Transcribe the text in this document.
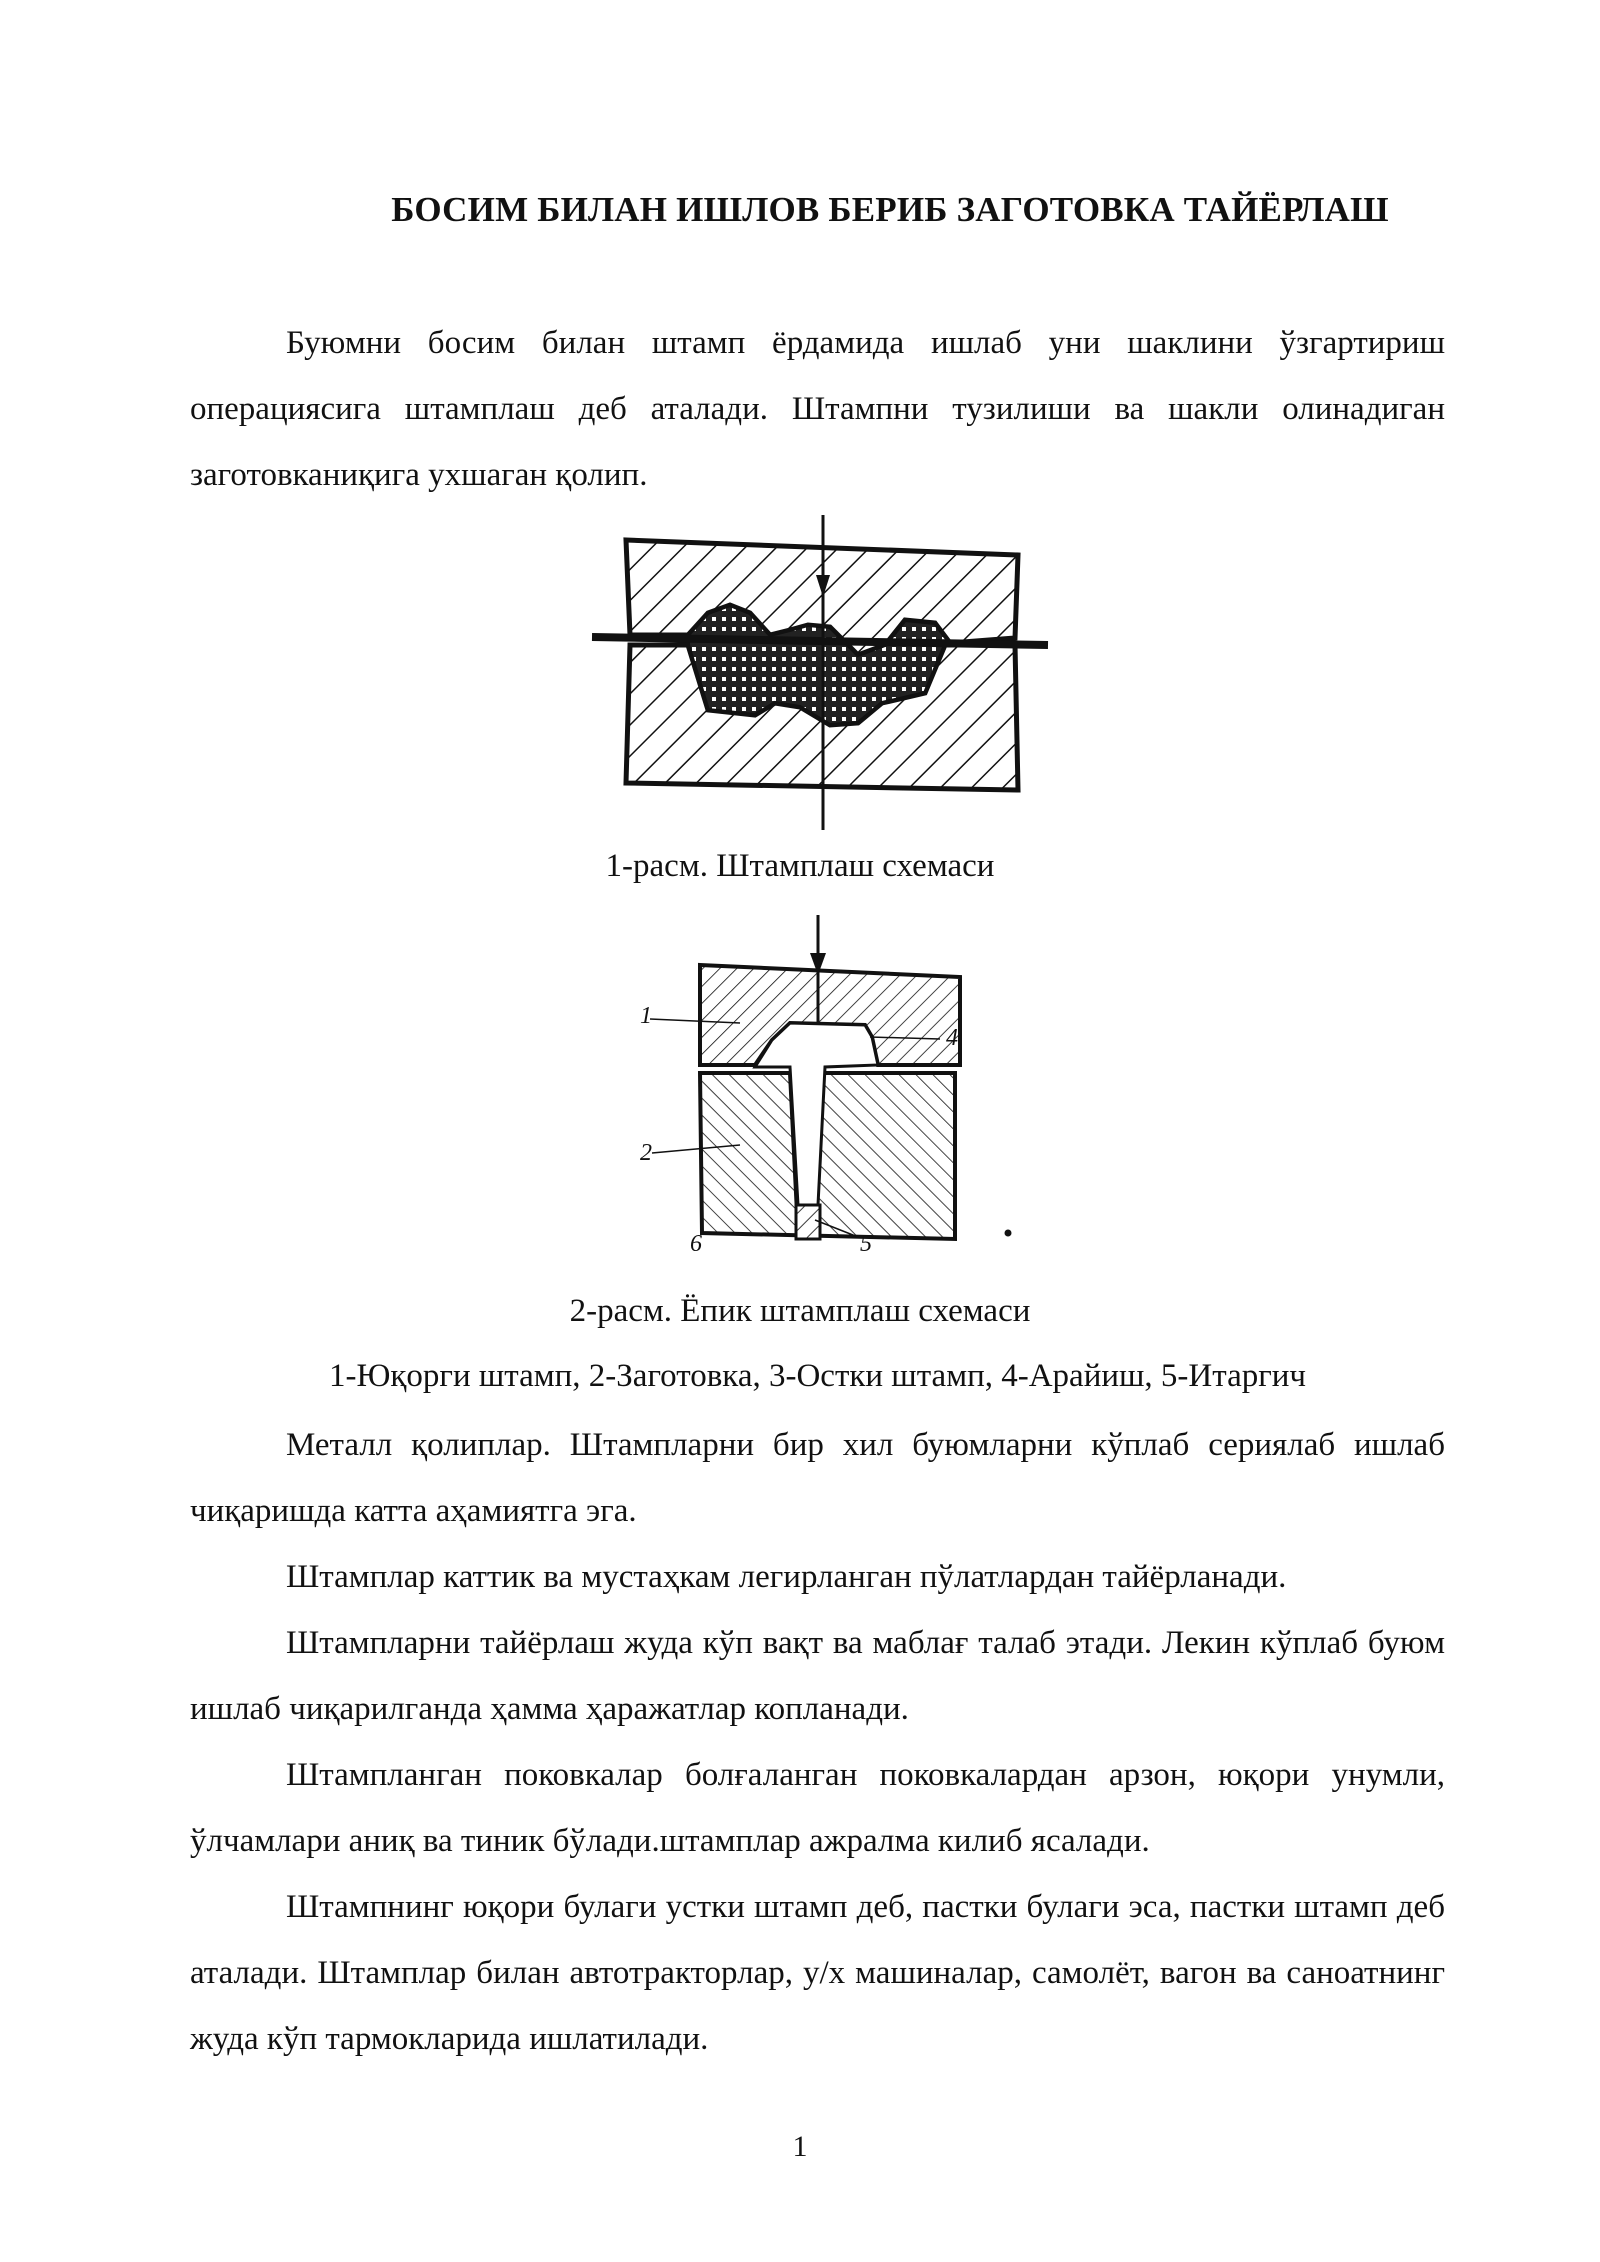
БОСИМ БИЛАН ИШЛОВ БЕРИБ ЗАГОТОВКА ТАЙЁРЛАШ
Буюмни босим билан штамп ёрдамида ишлаб уни шаклини ўзгартириш операциясига штамплаш деб аталади. Штампни тузилиши ва шакли олинадиган заготовканиқига ухшаган қолип.
1-расм. Штамплаш схемаси
1
2
4
5
6
2-расм. Ёпик штамплаш схемаси
1-Юқорги штамп, 2-Заготовка, 3-Остки штамп, 4-Арайиш, 5-Итаргич
Металл қолиплар. Штампларни бир хил буюмларни кўплаб сериялаб ишлаб чиқаришда катта аҳамиятга эга.
Штамплар каттик ва мустаҳкам легирланган пўлатлардан тайёрланади.
Штампларни тайёрлаш жуда кўп вақт ва маблағ талаб этади. Лекин кўплаб буюм ишлаб чиқарилганда ҳамма ҳаражатлар копланади.
Штампланган поковкалар болғаланган поковкалардан арзон, юқори унумли, ўлчамлари аниқ ва тиник бўлади.штамплар ажралма килиб ясалади.
Штампнинг юқори булаги устки штамп деб, пастки булаги эса, пастки штамп деб аталади. Штамплар билан автотракторлар, у/х машиналар, самолёт, вагон ва саноатнинг жуда кўп тармокларида ишлатилади.
1
